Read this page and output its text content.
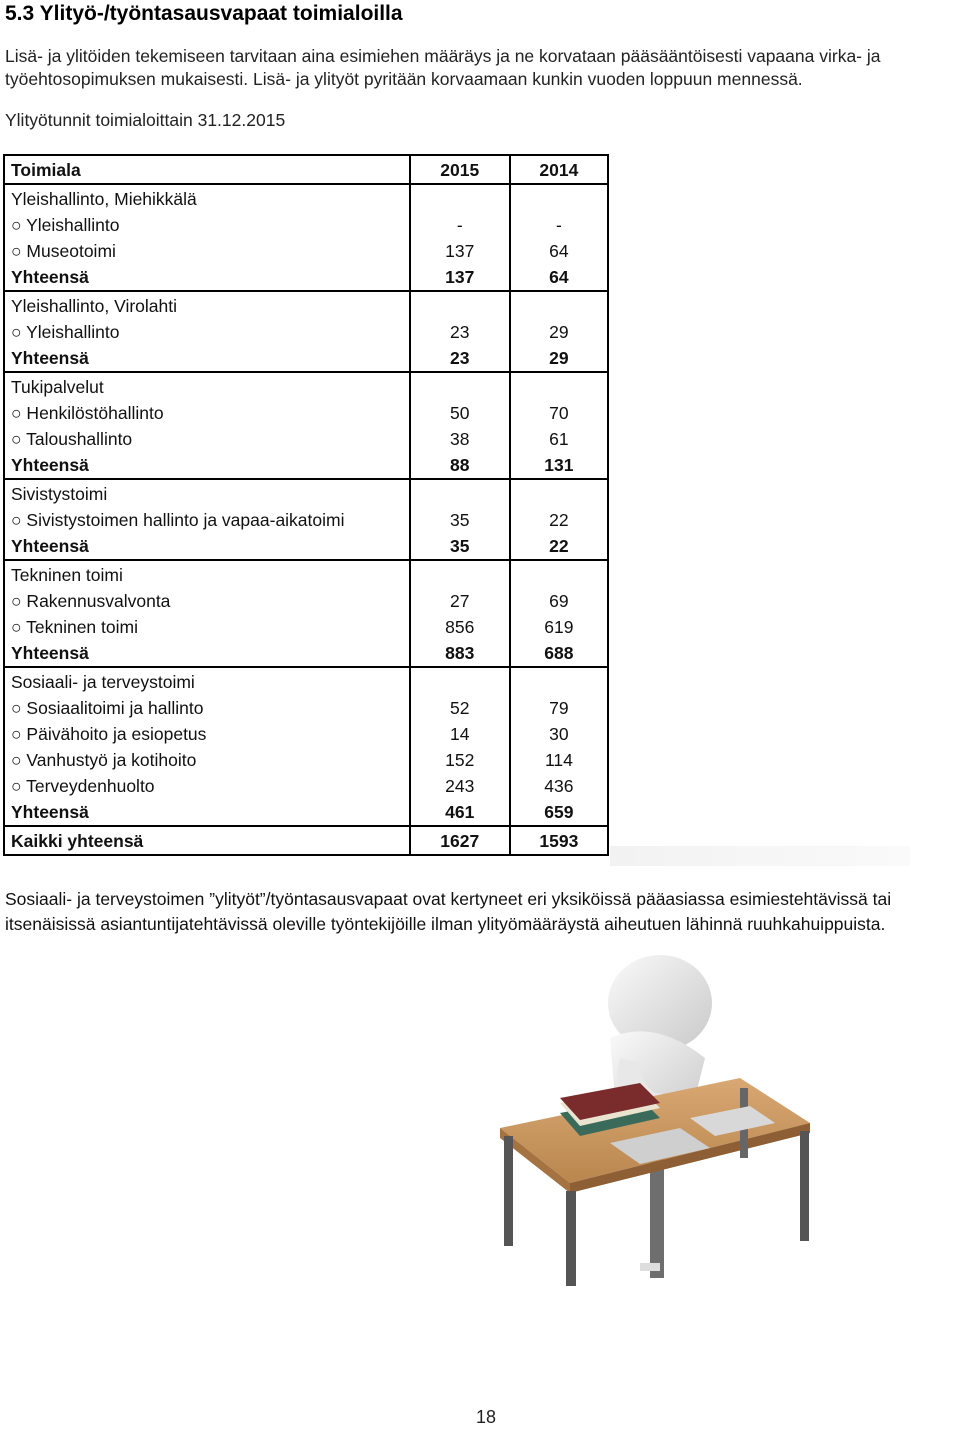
5.3 Ylityö-/työntasausvapaat toimialoilla

Lisä- ja ylitöiden tekemiseen tarvitaan aina esimiehen määräys ja ne korvataan pääsääntöisesti vapaana virka- ja työehtosopimuksen mukaisesti. Lisä- ja ylityöt pyritään korvaamaan kunkin vuoden loppuun mennessä.

Ylityötunnit toimialoittain 31.12.2015

Toimiala	2015	2014
Yleishallinto, Miehikkälä		
○ Yleishallinto	-	-
○ Museotoimi	137	64
Yhteensä	137	64
Yleishallinto, Virolahti		
○ Yleishallinto	23	29
Yhteensä	23	29
Tukipalvelut		
○ Henkilöstöhallinto	50	70
○ Taloushallinto	38	61
Yhteensä	88	131
Sivistystoimi		
○ Sivistystoimen hallinto ja vapaa-aikatoimi	35	22
Yhteensä	35	22
Tekninen toimi		
○ Rakennusvalvonta	27	69
○ Tekninen toimi	856	619
Yhteensä	883	688
Sosiaali- ja terveystoimi		
○ Sosiaalitoimi ja hallinto	52	79
○ Päivähoito ja esiopetus	14	30
○ Vanhustyö ja kotihoito	152	114
○ Terveydenhuolto	243	436
Yhteensä	461	659
Kaikki yhteensä	1627	1593

Sosiaali- ja terveystoimen ”ylityöt”/työntasausvapaat ovat kertyneet eri yksiköissä pääasiassa esimiestehtävissä tai itsenäisissä asiantuntijatehtävissä oleville työntekijöille ilman ylityömääräystä aiheutuen lähinnä ruuhkahuippuista.

18
